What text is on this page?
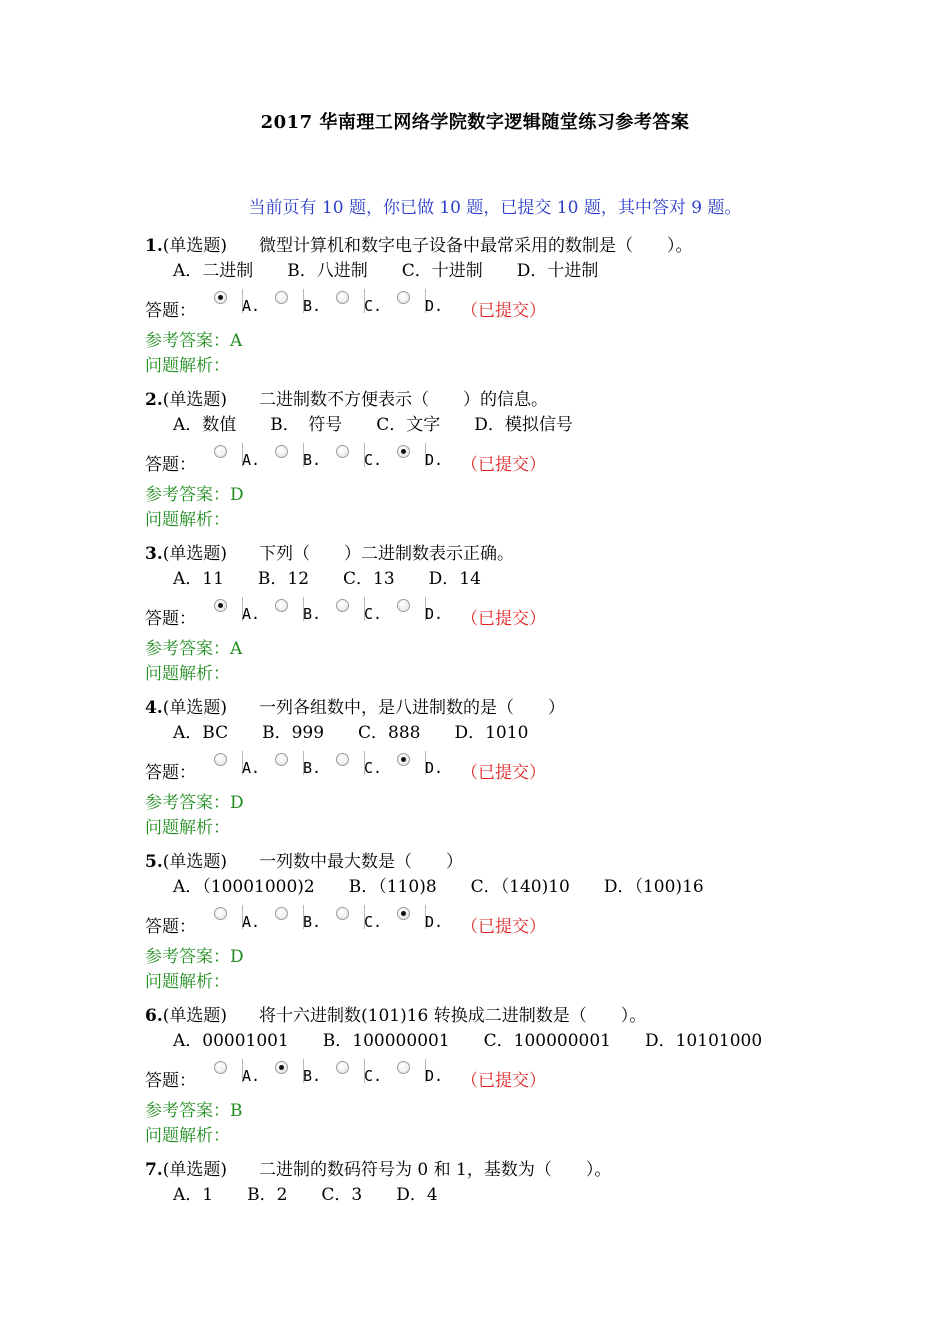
2017 华南理工网络学院数字逻辑随堂练习参考答案
当前页有 10 题，你已做 10 题，已提交 10 题，其中答对 9 题。
1.(单选题) 微型计算机和数字电子设备中最常采用的数制是（　　）。
A．二进制　　B．八进制　　C．十进制　　D．十进制
答题：	A.	B.	C.	D. （已提交）
参考答案：A
问题解析：
2.(单选题) 二进制数不方便表示（　　）的信息。
A．数值　　B．　符号　　C．文字　　D．模拟信号
答题：	A.	B.	C.	D. （已提交）
参考答案：D
问题解析：
3.(单选题) 下列（　　）二进制数表示正确。
A．11　　B．12　　C．13　　D．14
答题：	A.	B.	C.	D. （已提交）
参考答案：A
问题解析：
4.(单选题) 一列各组数中，是八进制数的是（　　）
A．BC　　B．999　　C．888　　D．1010
答题：	A.	B.	C.	D. （已提交）
参考答案：D
问题解析：
5.(单选题) 一列数中最大数是（　　）
A．（10001000)2　　B．（110)8　　C．（140)10　　D．（100)16
答题：	A.	B.	C.	D. （已提交）
参考答案：D
问题解析：
6.(单选题) 将十六进制数(101)16 转换成二进制数是（　　）。
A．00001001　　B．100000001　　C．100000001　　D．10101000
答题：	A.	B.	C.	D. （已提交）
参考答案：B
问题解析：
7.(单选题) 二进制的数码符号为 0 和 1，基数为（　　）。
A．1　　B．2　　C．3　　D．4
